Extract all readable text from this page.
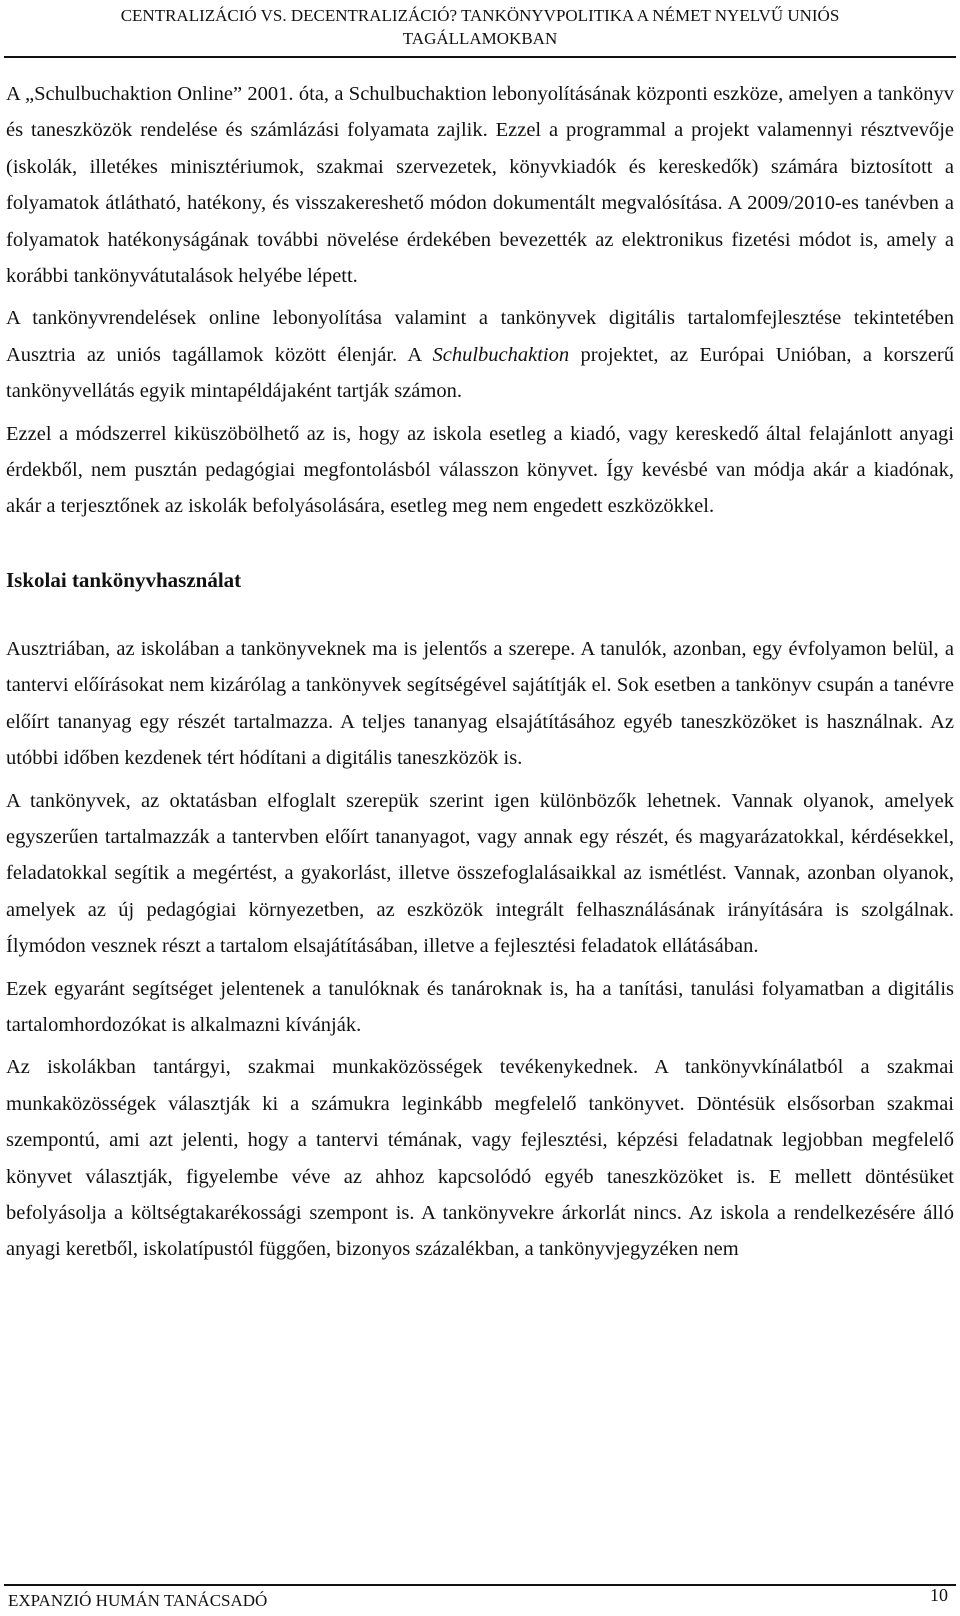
CENTRALIZÁCIÓ VS. DECENTRALIZÁCIÓ? TANKÖNYVPOLITIKA A NÉMET NYELVŰ UNIÓS
TAGÁLLAMOKBAN

A „Schulbuchaktion Online” 2001. óta, a Schulbuchaktion lebonyolításának központi eszköze, amelyen a tankönyv és taneszközök rendelése és számlázási folyamata zajlik. Ezzel a programmal a projekt valamennyi résztvevője (iskolák, illetékes minisztériumok, szakmai szervezetek, könyvkiadók és kereskedők) számára biztosított a folyamatok átlátható, hatékony, és visszakereshető módon dokumentált megvalósítása. A 2009/2010-es tanévben a folyamatok hatékonyságának további növelése érdekében bevezették az elektronikus fizetési módot is, amely a korábbi tankönyvátutalások helyébe lépett.

A tankönyvrendelések online lebonyolítása valamint a tankönyvek digitális tartalomfejlesztése tekintetében Ausztria az uniós tagállamok között élenjár. A Schulbuchaktion projektet, az Európai Unióban, a korszerű tankönyvellátás egyik mintapéldájaként tartják számon.

Ezzel a módszerrel kiküszöbölhető az is, hogy az iskola esetleg a kiadó, vagy kereskedő által felajánlott anyagi érdekből, nem pusztán pedagógiai megfontolásból válasszon könyvet. Így kevésbé van módja akár a kiadónak, akár a terjesztőnek az iskolák befolyásolására, esetleg meg nem engedett eszközökkel.

Iskolai tankönyvhasználat

Ausztriában, az iskolában a tankönyveknek ma is jelentős a szerepe. A tanulók, azonban, egy évfolyamon belül, a tantervi előírásokat nem kizárólag a tankönyvek segítségével sajátítják el. Sok esetben a tankönyv csupán a tanévre előírt tananyag egy részét tartalmazza. A teljes tananyag elsajátításához egyéb taneszközöket is használnak. Az utóbbi időben kezdenek tért hódítani a digitális taneszközök is.

A tankönyvek, az oktatásban elfoglalt szerepük szerint igen különbözők lehetnek. Vannak olyanok, amelyek egyszerűen tartalmazzák a tantervben előírt tananyagot, vagy annak egy részét, és magyarázatokkal, kérdésekkel, feladatokkal segítik a megértést, a gyakorlást, illetve összefoglalásaikkal az ismétlést. Vannak, azonban olyanok, amelyek az új pedagógiai környezetben, az eszközök integrált felhasználásának irányítására is szolgálnak. Ílymódon vesznek részt a tartalom elsajátításában, illetve a fejlesztési feladatok ellátásában.

Ezek egyaránt segítséget jelentenek a tanulóknak és tanároknak is, ha a tanítási, tanulási folyamatban a digitális tartalomhordozókat is alkalmazni kívánják.

Az iskolákban tantárgyi, szakmai munkaközösségek tevékenykednek. A tankönyvkínálatból a szakmai munkaközösségek választják ki a számukra leginkább megfelelő tankönyvet. Döntésük elsősorban szakmai szempontú, ami azt jelenti, hogy a tantervi témának, vagy fejlesztési, képzési feladatnak legjobban megfelelő könyvet választják, figyelembe véve az ahhoz kapcsolódó egyéb taneszközöket is. E mellett döntésüket befolyásolja a költségtakarékossági szempont is. A tankönyvekre árkorlát nincs. Az iskola a rendelkezésére álló anyagi keretből, iskolatípustól függően, bizonyos százalékban, a tankönyvjegyzéken nem

EXPANZIÓ HUMÁN TANÁCSADÓ	10
